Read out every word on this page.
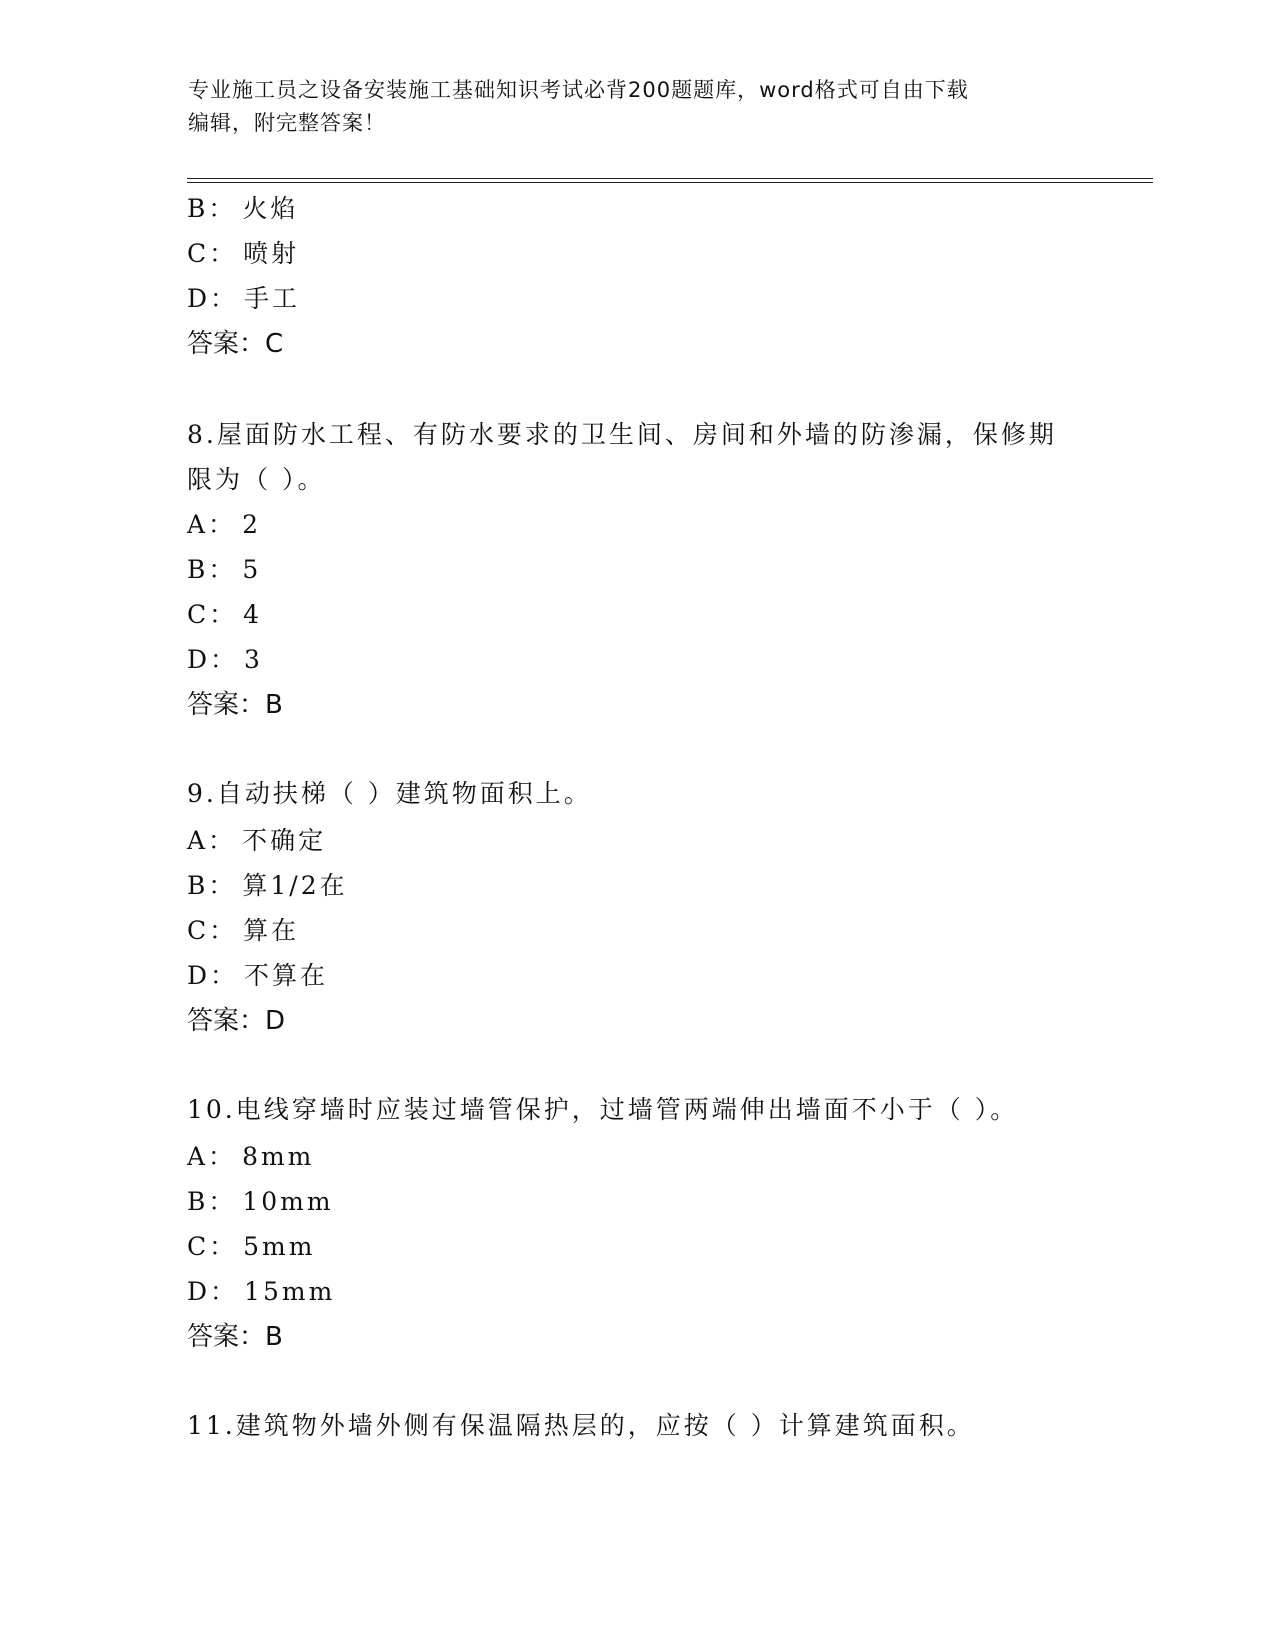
专业施工员之设备安装施工基础知识考试必背200题题库，word格式可自由下载
编辑，附完整答案！
B： 火焰
C： 喷射
D： 手工
答案：C
8.屋面防水工程、有防水要求的卫生间、房间和外墙的防渗漏，保修期限为（ ）。
A： 2
B： 5
C： 4
D： 3
答案：B
9.自动扶梯（ ）建筑物面积上。
A： 不确定
B： 算1/2在
C： 算在
D： 不算在
答案：D
10.电线穿墙时应装过墙管保护，过墙管两端伸出墙面不小于（ ）。
A： 8mm
B： 10mm
C： 5mm
D： 15mm
答案：B
11.建筑物外墙外侧有保温隔热层的，应按（ ）计算建筑面积。
